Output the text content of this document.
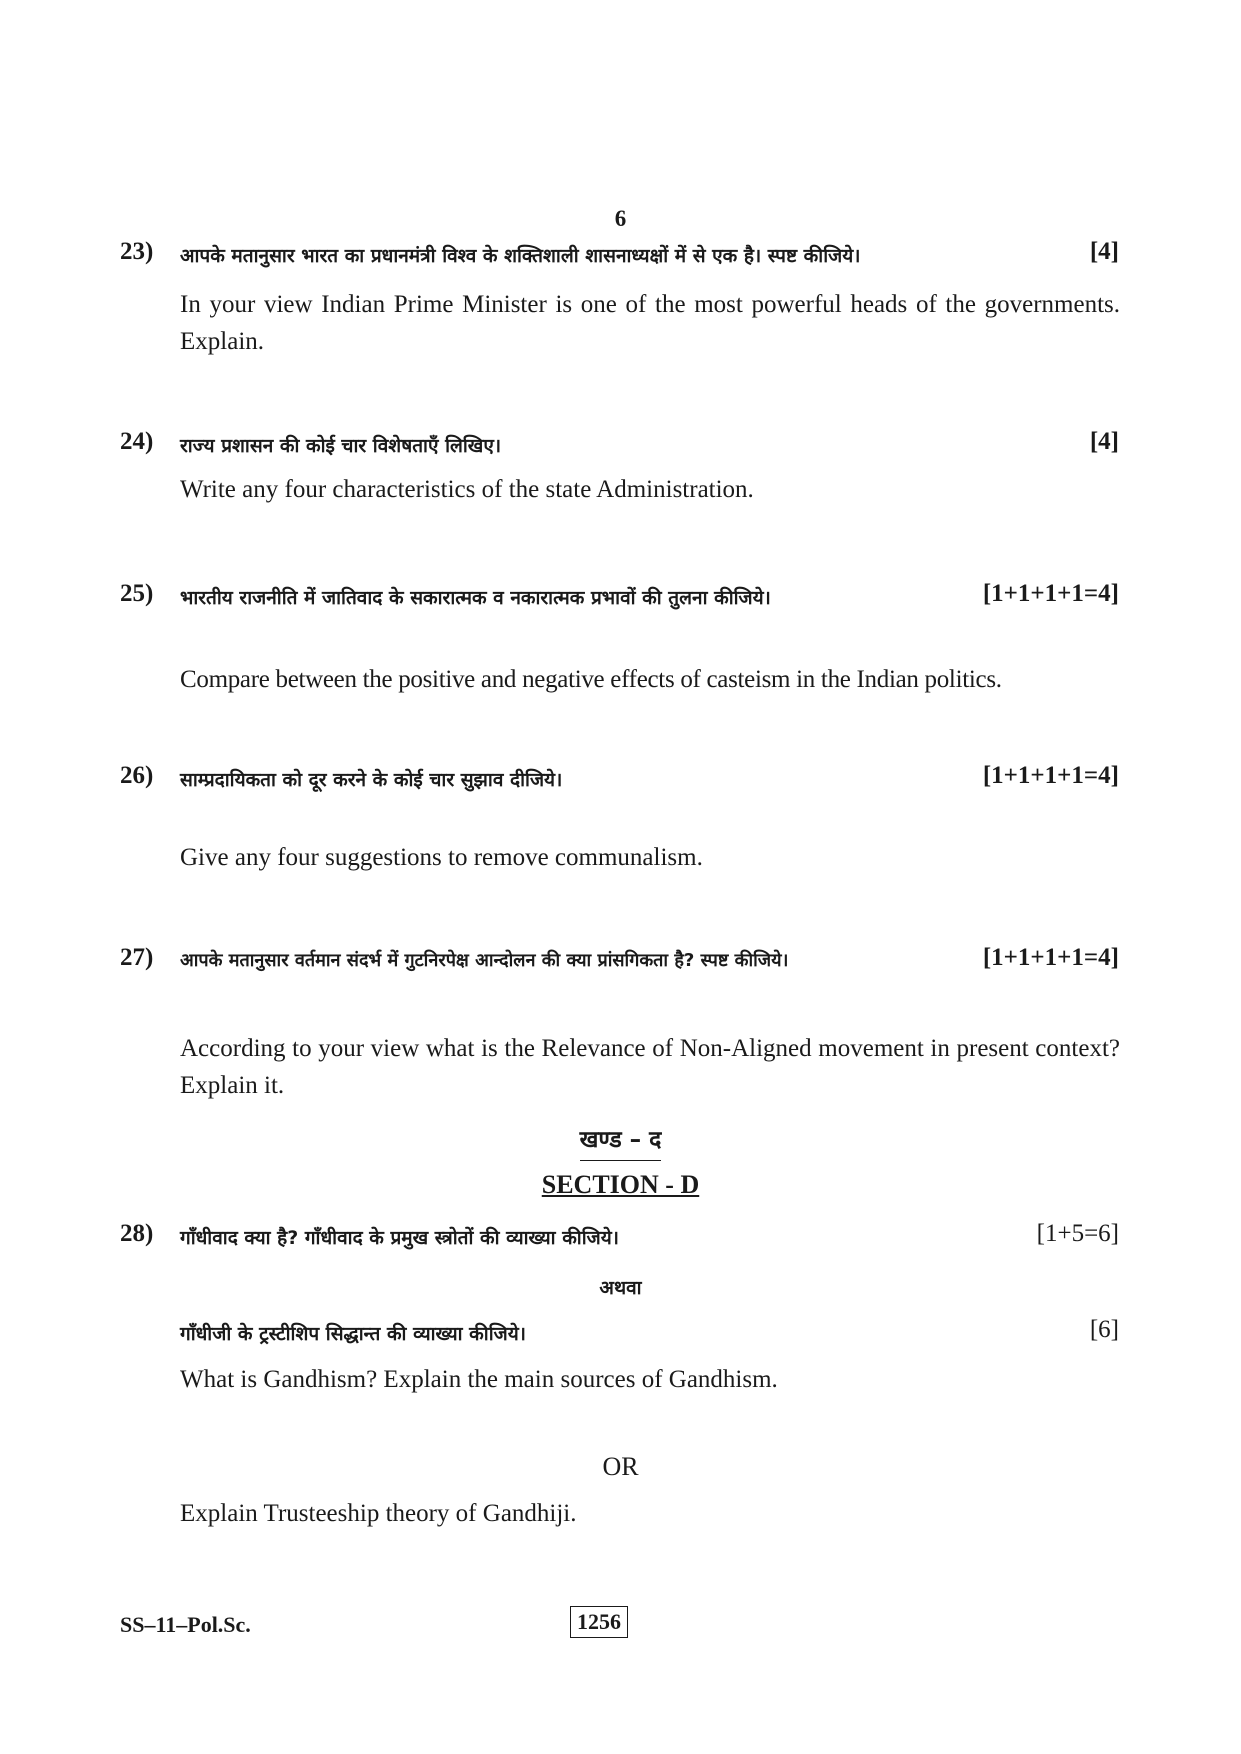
6
23) आपके मतानुसार भारत का प्रधानमंत्री विश्व के शक्तिशाली शासनाध्यक्षों में से एक है। स्पष्ट कीजिये।	[4]
In your view Indian Prime Minister is one of the most powerful heads of the governments. Explain.
24) राज्य प्रशासन की कोई चार विशेषताएँ लिखिए।	[4]
Write any four characteristics of the state Administration.
25) भारतीय राजनीति में जातिवाद के सकारात्मक व नकारात्मक प्रभावों की तुलना कीजिये।	[1+1+1+1=4]
Compare between the positive and negative effects of casteism in the Indian politics.
26) साम्प्रदायिकता को दूर करने के कोई चार सुझाव दीजिये।	[1+1+1+1=4]
Give any four suggestions to remove communalism.
27) आपके मतानुसार वर्तमान संदर्भ में गुटनिरपेक्ष आन्दोलन की क्या प्रांसगिकता है? स्पष्ट कीजिये।	[1+1+1+1=4]
According to your view what is the Relevance of Non-Aligned movement in present context? Explain it.
खण्ड – द
SECTION - D
28) गाँधीवाद क्या है? गाँधीवाद के प्रमुख स्त्रोतों की व्याख्या कीजिये।	[1+5=6]
अथवा
गाँधीजी के ट्रस्टीशिप सिद्धान्त की व्याख्या कीजिये।	[6]
What is Gandhism? Explain the main sources of Gandhism.
OR
Explain Trusteeship theory of Gandhiji.
SS–11–Pol.Sc.	1256
